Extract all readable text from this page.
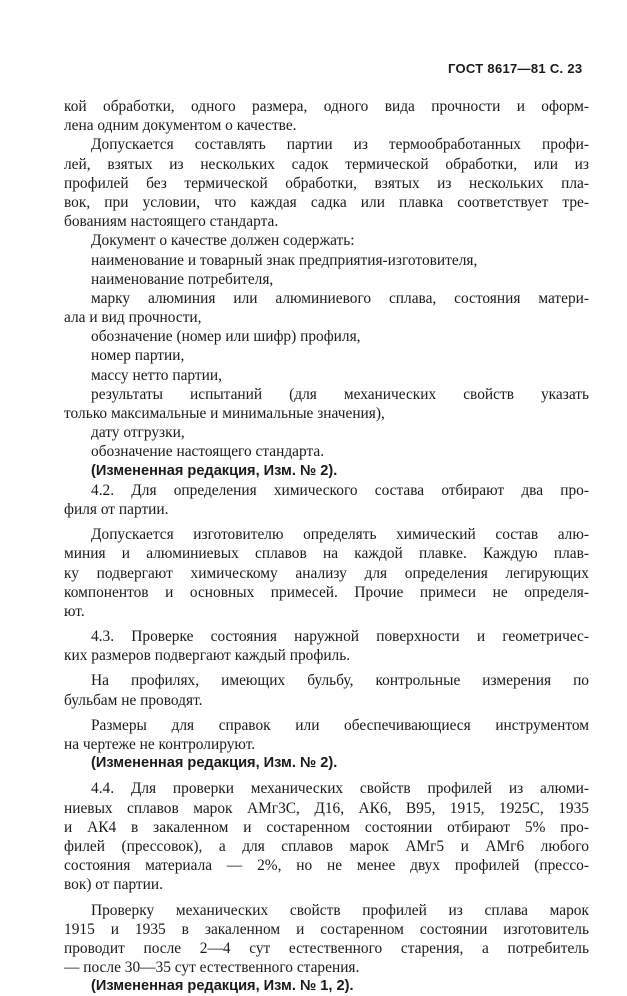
ГОСТ 8617—81 С. 23
кой обработки, одного размера, одного вида прочности и оформ-
лена одним документом о качестве.
Допускается составлять партии из термообработанных профи-
лей, взятых из нескольких садок термической обработки, или из
профилей без термической обработки, взятых из нескольких пла-
вок, при условии, что каждая садка или плавка соответствует тре-
бованиям настоящего стандарта.
Документ о качестве должен содержать:
наименование и товарный знак предприятия-изготовителя,
наименование потребителя,
марку алюминия или алюминиевого сплава, состояния матери-
ала и вид прочности,
обозначение (номер или шифр) профиля,
номер партии,
массу нетто партии,
результаты испытаний (для механических свойств указать
только максимальные и минимальные значения),
дату отгрузки,
обозначение настоящего стандарта.
(Измененная редакция, Изм. № 2).
4.2. Для определения химического состава отбирают два про-
филя от партии.
Допускается изготовителю определять химический состав алю-
миния и алюминиевых сплавов на каждой плавке. Каждую плав-
ку подвергают химическому анализу для определения легирующих
компонентов и основных примесей. Прочие примеси не определя-
ют.
4.3. Проверке состояния наружной поверхности и геометричес-
ких размеров подвергают каждый профиль.
На профилях, имеющих бульбу, контрольные измерения по
бульбам не проводят.
Размеры для справок или обеспечивающиеся инструментом
на чертеже не контролируют.
(Измененная редакция, Изм. № 2).
4.4. Для проверки механических свойств профилей из алюми-
ниевых сплавов марок АМг3С, Д16, АК6, В95, 1915, 1925С, 1935
и АК4 в закаленном и состаренном состоянии отбирают 5% про-
филей (прессовок), а для сплавов марок АМг5 и АМг6 любого
состояния материала — 2%, но не менее двух профилей (прессо-
вок) от партии.
Проверку механических свойств профилей из сплава марок
1915 и 1935 в закаленном и состаренном состоянии изготовитель
проводит после 2—4 сут естественного старения, а потребитель
— после 30—35 сут естественного старения.
(Измененная редакция, Изм. № 1, 2).
